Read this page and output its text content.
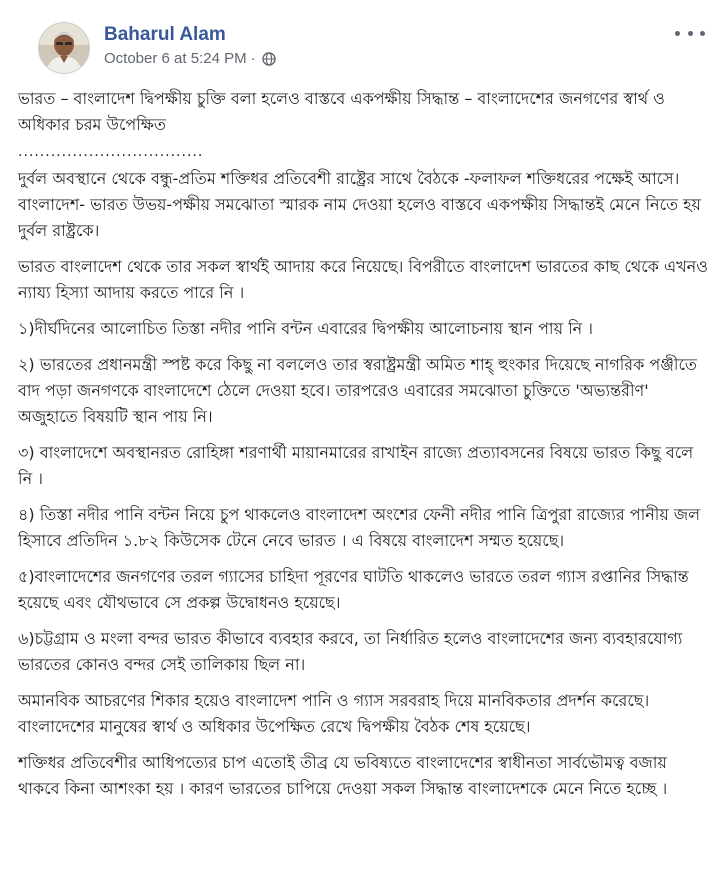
Baharul Alam
October 6 at 5:24 PM ·

ভারত – বাংলাদেশ দ্বিপক্ষীয় চুক্তি বলা হলেও বাস্তবে একপক্ষীয় সিদ্ধান্ত – বাংলাদেশের জনগণের স্বার্থ ও অধিকার চরম উপেক্ষিত

..................................

দুর্বল অবস্থানে থেকে বন্ধু-প্রতিম শক্তিধর প্রতিবেশী রাষ্ট্রের সাথে বৈঠকে ‐ফলাফল শক্তিধরের পক্ষেই আসে। বাংলাদেশ- ভারত উভয়-পক্ষীয় সমঝোতা স্মারক নাম দেওয়া হলেও বাস্তবে একপক্ষীয় সিদ্ধান্তই মেনে নিতে হয় দুর্বল রাষ্ট্রকে।

ভারত বাংলাদেশ থেকে তার সকল স্বার্থই আদায় করে নিয়েছে। বিপরীতে বাংলাদেশ ভারতের কাছ থেকে এখনও ন্যায্য হিস্যা আদায় করতে পারে নি ।

১)দীর্ঘদিনের আলোচিত তিস্তা নদীর পানি বন্টন এবারের দ্বিপক্ষীয় আলোচনায় স্থান পায় নি ।

২) ভারতের প্রধানমন্ত্রী স্পষ্ট করে কিছু না বললেও তার স্বরাষ্ট্রমন্ত্রী অমিত শাহ্ হুংকার দিয়েছে নাগরিক পঞ্জীতে বাদ পড়া জনগণকে বাংলাদেশে ঠেলে দেওয়া হবে। তারপরেও এবারের সমঝোতা চুক্তিতে 'অভ্যন্তরীণ' অজুহাতে বিষয়টি স্থান পায় নি।

৩) বাংলাদেশে অবস্থানরত রোহিঙ্গা শরণার্থী মায়ানমারের রাখাইন রাজ্যে প্রত্যাবসনের বিষয়ে ভারত কিছু বলে নি ।

৪) তিস্তা নদীর পানি বন্টন নিয়ে চুপ থাকলেও বাংলাদেশ অংশের ফেনী নদীর পানি ত্রিপুরা রাজ্যের পানীয় জল হিসাবে প্রতিদিন ১.৮২ কিউসেক টেনে নেবে ভারত । এ বিষয়ে বাংলাদেশ সম্মত হয়েছে।

৫)বাংলাদেশের জনগণের তরল গ্যাসের চাহিদা পূরণের ঘাটতি থাকলেও ভারতে তরল গ্যাস রপ্তানির সিদ্ধান্ত হয়েছে এবং যৌথভাবে সে প্রকল্প উদ্বোধনও হয়েছে।

৬)চট্টগ্রাম ও মংলা বন্দর ভারত কীভাবে ব্যবহার করবে, তা নির্ধারিত হলেও বাংলাদেশের জন্য ব্যবহারযোগ্য ভারতের কোনও বন্দর সেই তালিকায় ছিল না।

অমানবিক আচরণের শিকার হয়েও বাংলাদেশ পানি ও গ্যাস সরবরাহ দিয়ে মানবিকতার প্রদর্শন করেছে। বাংলাদেশের মানুষের স্বার্থ ও অধিকার উপেক্ষিত রেখে দ্বিপক্ষীয় বৈঠক শেষ হয়েছে।

শক্তিধর প্রতিবেশীর আধিপত্যের চাপ এতোই তীব্র যে ভবিষ্যতে বাংলাদেশের স্বাধীনতা সার্বভৌমত্ব বজায় থাকবে কিনা আশংকা হয় । কারণ ভারতের চাপিয়ে দেওয়া সকল সিদ্ধান্ত বাংলাদেশকে মেনে নিতে হচ্ছে ।
